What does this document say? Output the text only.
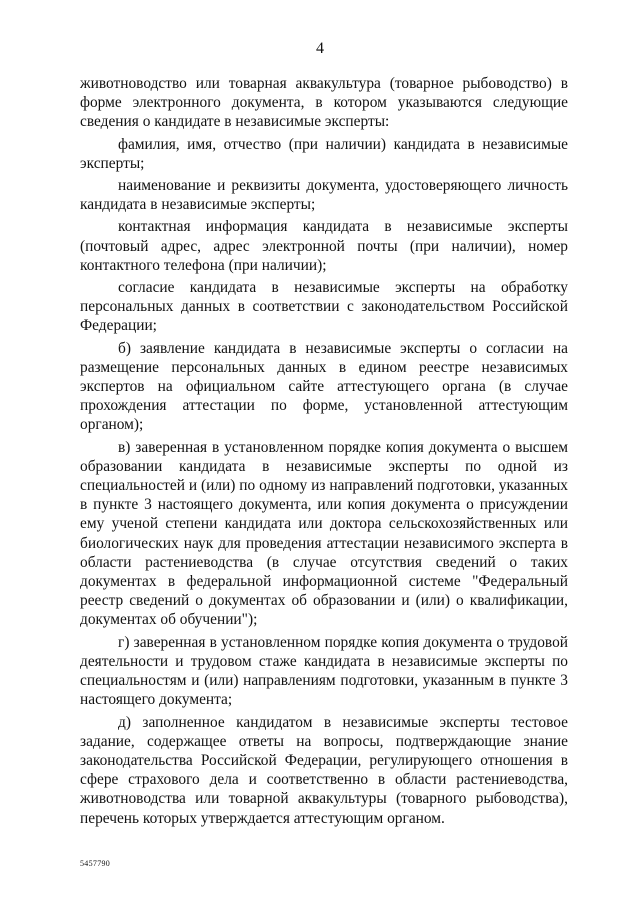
4

животноводство или товарная аквакультура (товарное рыбоводство) в форме электронного документа, в котором указываются следующие сведения о кандидате в независимые эксперты:

фамилия, имя, отчество (при наличии) кандидата в независимые эксперты;

наименование и реквизиты документа, удостоверяющего личность кандидата в независимые эксперты;

контактная информация кандидата в независимые эксперты (почтовый адрес, адрес электронной почты (при наличии), номер контактного телефона (при наличии);

согласие кандидата в независимые эксперты на обработку персональных данных в соответствии с законодательством Российской Федерации;

б) заявление кандидата в независимые эксперты о согласии на размещение персональных данных в едином реестре независимых экспертов на официальном сайте аттестующего органа (в случае прохождения аттестации по форме, установленной аттестующим органом);

в) заверенная в установленном порядке копия документа о высшем образовании кандидата в независимые эксперты по одной из специальностей и (или) по одному из направлений подготовки, указанных в пункте 3 настоящего документа, или копия документа о присуждении ему ученой степени кандидата или доктора сельскохозяйственных или биологических наук для проведения аттестации независимого эксперта в области растениеводства (в случае отсутствия сведений о таких документах в федеральной информационной системе "Федеральный реестр сведений о документах об образовании и (или) о квалификации, документах об обучении");

г) заверенная в установленном порядке копия документа о трудовой деятельности и трудовом стаже кандидата в независимые эксперты по специальностям и (или) направлениям подготовки, указанным в пункте 3 настоящего документа;

д) заполненное кандидатом в независимые эксперты тестовое задание, содержащее ответы на вопросы, подтверждающие знание законодательства Российской Федерации, регулирующего отношения в сфере страхового дела и соответственно в области растениеводства, животноводства или товарной аквакультуры (товарного рыбоводства), перечень которых утверждается аттестующим органом.

5457790
